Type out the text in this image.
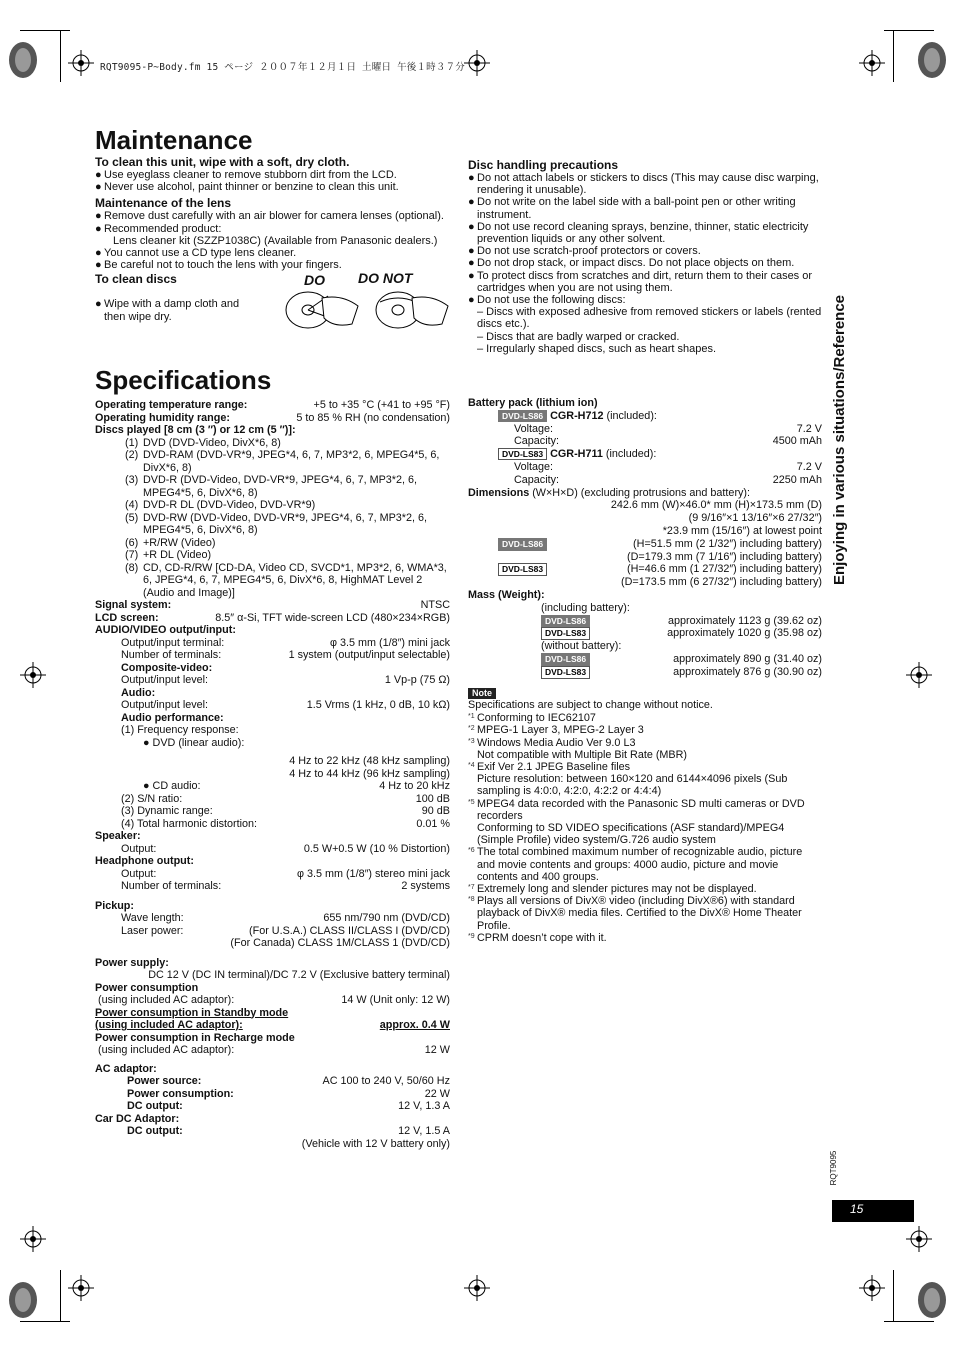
RQT9095-P~Body.fm 15 ページ ２００７年１２月１日 土曜日 午後１時３７分
Maintenance
To clean this unit, wipe with a soft, dry cloth.
● Use eyeglass cleaner to remove stubborn dirt from the LCD.
● Never use alcohol, paint thinner or benzine to clean this unit.
Maintenance of the lens
● Remove dust carefully with an air blower for camera lenses (optional).
● Recommended product:
Lens cleaner kit (SZZP1038C) (Available from Panasonic dealers.)
● You cannot use a CD type lens cleaner.
● Be careful not to touch the lens with your fingers.
To clean discs
● Wipe with a damp cloth and then wipe dry.
DO DO NOT
Disc handling precautions
● Do not attach labels or stickers to discs (This may cause disc warping, rendering it unusable).
● Do not write on the label side with a ball-point pen or other writing instrument.
● Do not use record cleaning sprays, benzine, thinner, static electricity prevention liquids or any other solvent.
● Do not use scratch-proof protectors or covers.
● Do not drop stack, or impact discs. Do not place objects on them.
● To protect discs from scratches and dirt, return them to their cases or cartridges when you are not using them.
● Do not use the following discs:
– Discs with exposed adhesive from removed stickers or labels (rented discs etc.).
– Discs that are badly warped or cracked.
– Irregularly shaped discs, such as heart shapes.
Specifications
Operating temperature range:	+5 to +35 °C (+41 to +95 °F)
Operating humidity range:	5 to 85 % RH (no condensation)
Discs played [8 cm (3 ″) or 12 cm (5 ″)]:
(1) DVD (DVD-Video, DivX*6, 8)
(2) DVD-RAM (DVD-VR*9, JPEG*4, 6, 7, MP3*2, 6, MPEG4*5, 6, DivX*6, 8)
(3) DVD-R (DVD-Video, DVD-VR*9, JPEG*4, 6, 7, MP3*2, 6, MPEG4*5, 6, DivX*6, 8)
(4) DVD-R DL (DVD-Video, DVD-VR*9)
(5) DVD-RW (DVD-Video, DVD-VR*9, JPEG*4, 6, 7, MP3*2, 6, MPEG4*5, 6, DivX*6, 8)
(6) +R/RW (Video)
(7) +R DL (Video)
(8) CD, CD-R/RW [CD-DA, Video CD, SVCD*1, MP3*2, 6, WMA*3, 6, JPEG*4, 6, 7, MPEG4*5, 6, DivX*6, 8, HighMAT Level 2 (Audio and Image)]
Signal system:	NTSC
LCD screen:	8.5″ α-Si, TFT wide-screen LCD (480×234×RGB)
AUDIO/VIDEO output/input:
Output/input terminal:	φ 3.5 mm (1/8″) mini jack
Number of terminals:	1 system (output/input selectable)
Composite-video:
Output/input level:	1 Vp-p (75 Ω)
Audio:
Output/input level:	1.5 Vrms (1 kHz, 0 dB, 10 kΩ)
Audio performance:
(1) Frequency response:
● DVD (linear audio):
4 Hz to 22 kHz (48 kHz sampling)
4 Hz to 44 kHz (96 kHz sampling)
● CD audio:	4 Hz to 20 kHz
(2) S/N ratio:	100 dB
(3) Dynamic range:	90 dB
(4) Total harmonic distortion:	0.01 %
Speaker:
Output:	0.5 W+0.5 W (10 % Distortion)
Headphone output:
Output:	φ 3.5 mm (1/8″) stereo mini jack
Number of terminals:	2 systems
Pickup:
Wave length:	655 nm/790 nm (DVD/CD)
Laser power:	(For U.S.A.) CLASS II/CLASS I (DVD/CD)
(For Canada) CLASS 1M/CLASS 1 (DVD/CD)
Power supply:
DC 12 V (DC IN terminal)/DC 7.2 V (Exclusive battery terminal)
Power consumption
(using included AC adaptor):	14 W (Unit only: 12 W)
Power consumption in Standby mode
(using included AC adaptor):	approx. 0.4 W
Power consumption in Recharge mode
(using included AC adaptor):	12 W
AC adaptor:
Power source:	AC 100 to 240 V, 50/60 Hz
Power consumption:	22 W
DC output:	12 V, 1.3 A
Car DC Adaptor:
DC output:	12 V, 1.5 A
(Vehicle with 12 V battery only)
Battery pack (lithium ion)
DVD-LS86 CGR-H712 (included):
Voltage:	7.2 V
Capacity:	4500 mAh
DVD-LS83 CGR-H711 (included):
Voltage:	7.2 V
Capacity:	2250 mAh
Dimensions (W×H×D) (excluding protrusions and battery):
242.6 mm (W)×46.0* mm (H)×173.5 mm (D)
(9 9/16″×1 13/16″×6 27/32″)
*23.9 mm (15/16″) at lowest point
DVD-LS86	(H=51.5 mm (2 1/32″) including battery)
(D=179.3 mm (7 1/16″) including battery)
DVD-LS83	(H=46.6 mm (1 27/32″) including battery)
(D=173.5 mm (6 27/32″) including battery)
Mass (Weight):
(including battery):
DVD-LS86	approximately 1123 g (39.62 oz)
DVD-LS83	approximately 1020 g (35.98 oz)
(without battery):
DVD-LS86	approximately 890 g (31.40 oz)
DVD-LS83	approximately 876 g (30.90 oz)
Note
Specifications are subject to change without notice.
*1 Conforming to IEC62107
*2 MPEG-1 Layer 3, MPEG-2 Layer 3
*3 Windows Media Audio Ver 9.0 L3
Not compatible with Multiple Bit Rate (MBR)
*4 Exif Ver 2.1 JPEG Baseline files
Picture resolution: between 160×120 and 6144×4096 pixels (Sub sampling is 4:0:0, 4:2:0, 4:2:2 or 4:4:4)
*5 MPEG4 data recorded with the Panasonic SD multi cameras or DVD recorders
Conforming to SD VIDEO specifications (ASF standard)/MPEG4 (Simple Profile) video system/G.726 audio system
*6 The total combined maximum number of recognizable audio, picture and movie contents and groups: 4000 audio, picture and movie contents and 400 groups.
*7 Extremely long and slender pictures may not be displayed.
*8 Plays all versions of DivX® video (including DivX®6) with standard playback of DivX® media files. Certified to the DivX® Home Theater Profile.
*9 CPRM doesn’t cope with it.
Enjoying in various situations/Reference
RQT9095
15
